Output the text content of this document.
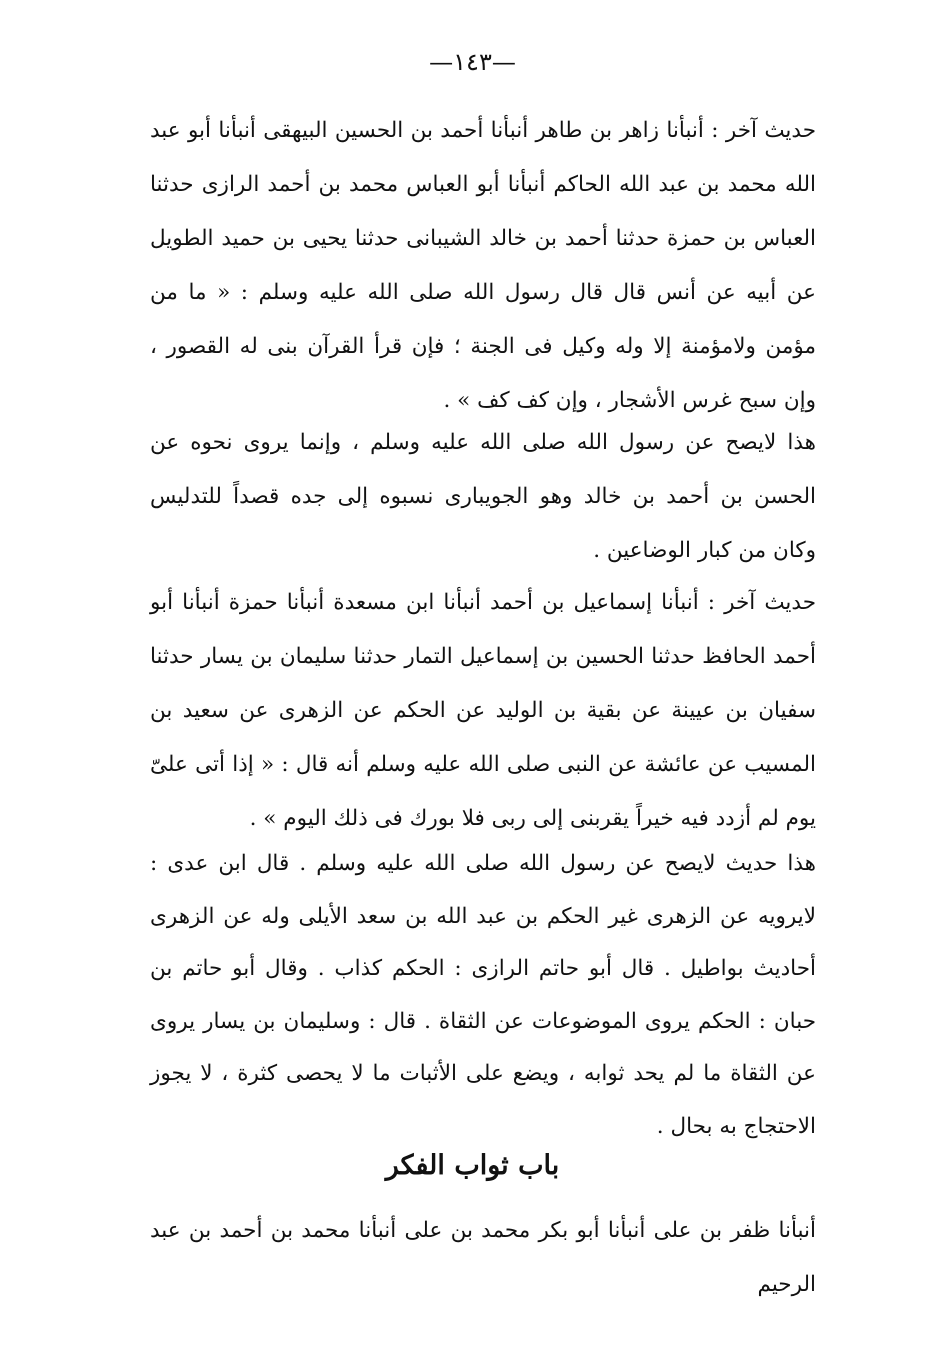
—١٤٣—

حديث آخر : أنبأنا زاهر بن طاهر أنبأنا أحمد بن الحسين البيهقى أنبأنا أبو عبد الله محمد بن عبد الله الحاكم أنبأنا أبو العباس محمد بن أحمد الرازى حدثنا العباس بن حمزة حدثنا أحمد بن خالد الشيبانى حدثنا يحيى بن حميد الطويل عن أبيه عن أنس قال قال رسول الله صلى الله عليه وسلم : « ما من مؤمن ولامؤمنة إلا وله وكيل فى الجنة ؛ فإن قرأ القرآن بنى له القصور ، وإن سبح غرس الأشجار ، وإن كف كف » .

هذا لايصح عن رسول الله صلى الله عليه وسلم ، وإنما يروى نحوه عن الحسن بن أحمد بن خالد وهو الجويبارى نسبوه إلى جده قصداً للتدليس وكان من كبار الوضاعين .

حديث آخر : أنبأنا إسماعيل بن أحمد أنبأنا ابن مسعدة أنبأنا حمزة أنبأنا أبو أحمد الحافظ حدثنا الحسين بن إسماعيل التمار حدثنا سليمان بن يسار حدثنا سفيان بن عيينة عن بقية بن الوليد عن الحكم عن الزهرى عن سعيد بن المسيب عن عائشة عن النبى صلى الله عليه وسلم أنه قال : « إذا أتى علىّ يوم لم أزدد فيه خيراً يقربنى إلى ربى فلا بورك فى ذلك اليوم » .

هذا حديث لايصح عن رسول الله صلى الله عليه وسلم . قال ابن عدى : لايرويه عن الزهرى غير الحكم بن عبد الله بن سعد الأيلى وله عن الزهرى أحاديث بواطيل . قال أبو حاتم الرازى : الحكم كذاب . وقال أبو حاتم بن حبان : الحكم يروى الموضوعات عن الثقاة . قال : وسليمان بن يسار يروى عن الثقاة ما لم يحد ثوابه ، ويضع على الأثبات ما لا يحصى كثرة ، لا يجوز الاحتجاج به بحال .

باب ثواب الفكر

أنبأنا ظفر بن على أنبأنا أبو بكر محمد بن على أنبأنا محمد بن أحمد بن عبد الرحيم
